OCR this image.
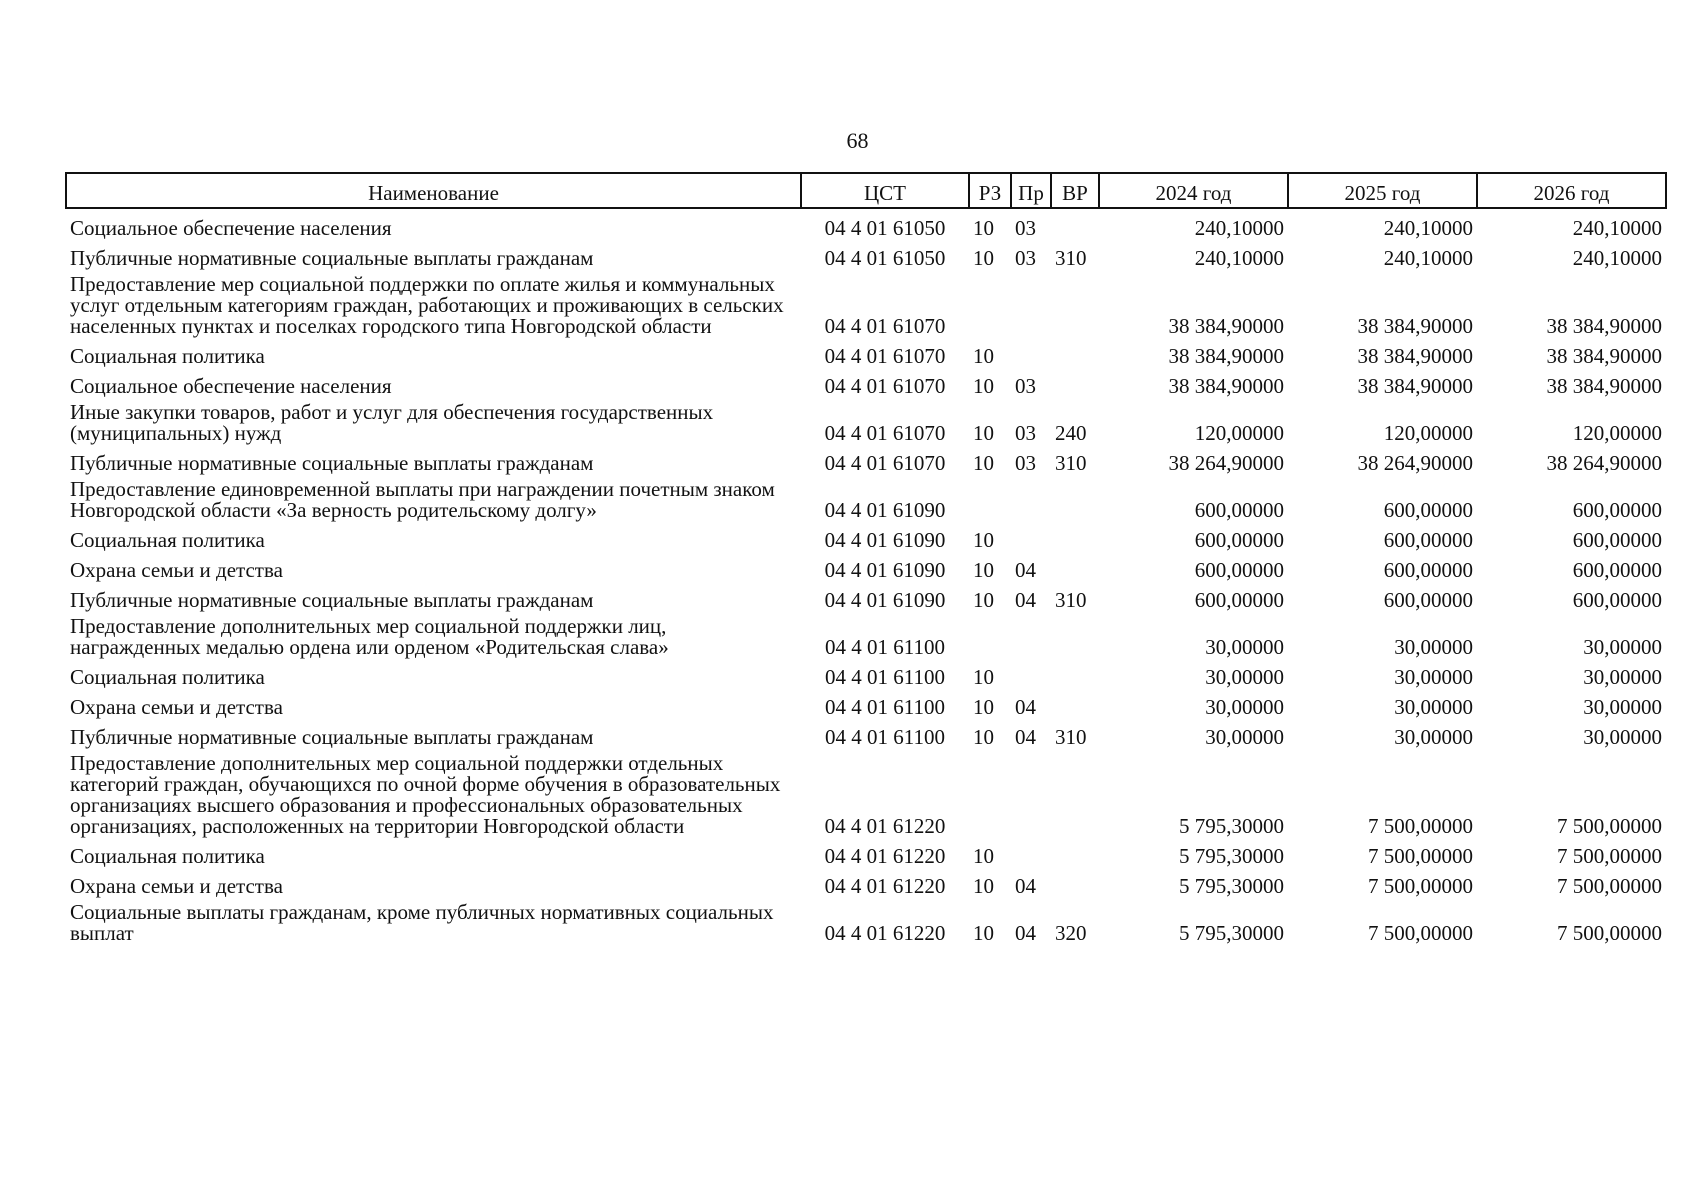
68
Наименование	ЦСТ	РЗ	Пр	ВР	2024 год	2025 год	2026 год
Социальное обеспечение населения	04 4 01 61050	10	03		240,10000	240,10000	240,10000
Публичные нормативные социальные выплаты гражданам	04 4 01 61050	10	03	310	240,10000	240,10000	240,10000
Предоставление мер социальной поддержки по оплате жилья и коммунальных услуг отдельным категориям граждан, работающих и проживающих в сельских населенных пунктах и поселках городского типа Новгородской области	04 4 01 61070				38 384,90000	38 384,90000	38 384,90000
Социальная политика	04 4 01 61070	10			38 384,90000	38 384,90000	38 384,90000
Социальное обеспечение населения	04 4 01 61070	10	03		38 384,90000	38 384,90000	38 384,90000
Иные закупки товаров, работ и услуг для обеспечения государственных (муниципальных) нужд	04 4 01 61070	10	03	240	120,00000	120,00000	120,00000
Публичные нормативные социальные выплаты гражданам	04 4 01 61070	10	03	310	38 264,90000	38 264,90000	38 264,90000
Предоставление единовременной выплаты при награждении почетным знаком Новгородской области «За верность родительскому долгу»	04 4 01 61090				600,00000	600,00000	600,00000
Социальная политика	04 4 01 61090	10			600,00000	600,00000	600,00000
Охрана семьи и детства	04 4 01 61090	10	04		600,00000	600,00000	600,00000
Публичные нормативные социальные выплаты гражданам	04 4 01 61090	10	04	310	600,00000	600,00000	600,00000
Предоставление дополнительных мер социальной поддержки лиц, награжденных медалью ордена или орденом «Родительская слава»	04 4 01 61100				30,00000	30,00000	30,00000
Социальная политика	04 4 01 61100	10			30,00000	30,00000	30,00000
Охрана семьи и детства	04 4 01 61100	10	04		30,00000	30,00000	30,00000
Публичные нормативные социальные выплаты гражданам	04 4 01 61100	10	04	310	30,00000	30,00000	30,00000
Предоставление дополнительных мер социальной поддержки отдельных категорий граждан, обучающихся по очной форме обучения в образовательных организациях высшего образования и профессиональных образовательных организациях, расположенных на территории Новгородской области	04 4 01 61220				5 795,30000	7 500,00000	7 500,00000
Социальная политика	04 4 01 61220	10			5 795,30000	7 500,00000	7 500,00000
Охрана семьи и детства	04 4 01 61220	10	04		5 795,30000	7 500,00000	7 500,00000
Социальные выплаты гражданам, кроме публичных нормативных социальных выплат	04 4 01 61220	10	04	320	5 795,30000	7 500,00000	7 500,00000
